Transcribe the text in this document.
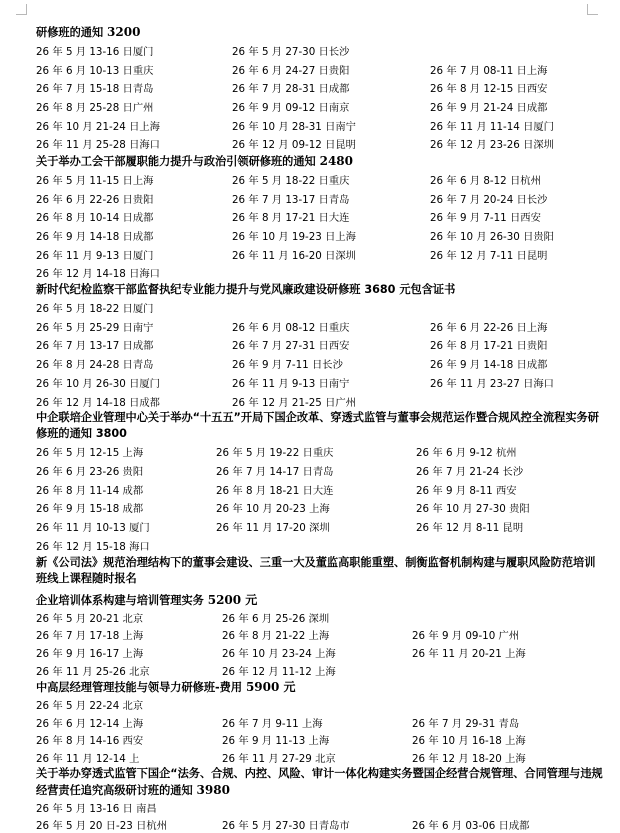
研修班的通知 3200
26 年 5 月 13-16 日厦门	26 年 5 月 27-30 日长沙
26 年 6 月 10-13 日重庆	26 年 6 月 24-27 日贵阳	26 年 7 月 08-11 日上海
26 年 7 月 15-18 日青岛	26 年 7 月 28-31 日成都	26 年 8 月 12-15 日西安
26 年 8 月 25-28 日广州	26 年 9 月 09-12 日南京	26 年 9 月 21-24 日成都
26 年 10 月 21-24 日上海	26 年 10 月 28-31 日南宁	26 年 11 月 11-14 日厦门
26 年 11 月 25-28 日海口	26 年 12 月 09-12 日昆明	26 年 12 月 23-26 日深圳
关于举办工会干部履职能力提升与政治引领研修班的通知 2480
26 年 5 月 11-15 日上海	26 年 5 月 18-22 日重庆	26 年 6 月 8-12 日杭州
26 年 6 月 22-26 日贵阳	26 年 7 月 13-17 日青岛	26 年 7 月 20-24 日长沙
26 年 8 月 10-14 日成都	26 年 8 月 17-21 日大连	26 年 9 月 7-11 日西安
26 年 9 月 14-18 日成都	26 年 10 月 19-23 日上海	26 年 10 月 26-30 日贵阳
26 年 11 月 9-13 日厦门	26 年 11 月 16-20 日深圳	26 年 12 月 7-11 日昆明
26 年 12 月 14-18 日海口
新时代纪检监察干部监督执纪专业能力提升与党风廉政建设研修班 3680 元包含证书
26 年 5 月 18-22 日厦门
26 年 5 月 25-29 日南宁	26 年 6 月 08-12 日重庆	26 年 6 月 22-26 日上海
26 年 7 月 13-17 日成都	26 年 7 月 27-31 日西安	26 年 8 月 17-21 日贵阳
26 年 8 月 24-28 日青岛	26 年 9 月 7-11 日长沙	26 年 9 月 14-18 日成都
26 年 10 月 26-30 日厦门	26 年 11 月 9-13 日南宁	26 年 11 月 23-27 日海口
26 年 12 月 14-18 日成都	26 年 12 月 21-25 日广州
中企联培企业管理中心关于举办“十五五”开局下国企改革、穿透式监管与董事会规范运作暨合规风控全流程实务研修班的通知 3800
26 年 5 月 12-15 上海	26 年 5 月 19-22 日重庆	26 年 6 月 9-12 杭州
26 年 6 月 23-26 贵阳	26 年 7 月 14-17 日青岛	26 年 7 月 21-24 长沙
26 年 8 月 11-14 成都	26 年 8 月 18-21 日大连	26 年 9 月 8-11 西安
26 年 9 月 15-18 成都	26 年 10 月 20-23 上海	26 年 10 月 27-30 贵阳
26 年 11 月 10-13 厦门	26 年 11 月 17-20 深圳	26 年 12 月 8-11 昆明
26 年 12 月 15-18 海口
新《公司法》规范治理结构下的董事会建设、三重一大及董监高职能重塑、制衡监督机制构建与履职风险防范培训班线上课程随时报名
企业培训体系构建与培训管理实务 5200 元
26 年 5 月 20-21 北京	26 年 6 月 25-26 深圳
26 年 7 月 17-18 上海	26 年 8 月 21-22 上海	26 年 9 月 09-10 广州
26 年 9 月 16-17 上海	26 年 10 月 23-24 上海	26 年 11 月 20-21 上海
26 年 11 月 25-26 北京	26 年 12 月 11-12 上海
中高层经理管理技能与领导力研修班-费用 5900 元
26 年 5 月 22-24 北京
26 年 6 月 12-14 上海	26 年 7 月 9-11 上海	26 年 7 月 29-31 青岛
26 年 8 月 14-16 西安	26 年 9 月 11-13 上海	26 年 10 月 16-18 上海
26 年 11 月 12-14 上	26 年 11 月 27-29 北京	26 年 12 月 18-20 上海
关于举办穿透式监管下国企“法务、合规、内控、风险、审计一体化构建实务暨国企经营合规管理、合同管理与违规经营责任追究高级研讨班的通知 3980
26 年 5 月 13-16 日 南昌
26 年 5 月 20 日-23 日杭州	26 年 5 月 27-30 日青岛市	26 年 6 月 03-06 日成都
